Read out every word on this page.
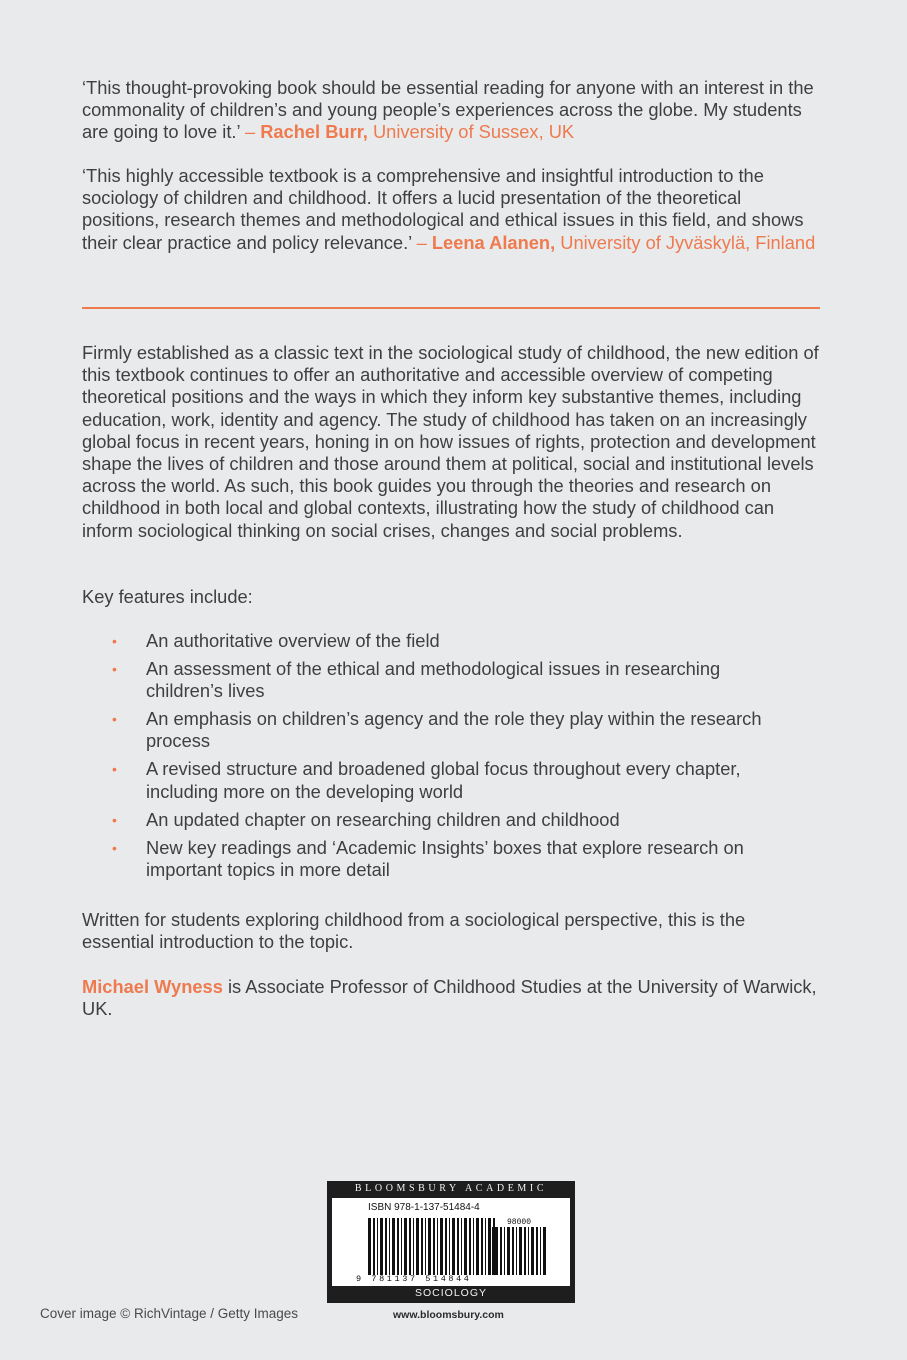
‘This thought-provoking book should be essential reading for anyone with an interest in the commonality of children’s and young people’s experiences across the globe. My students are going to love it.’ – Rachel Burr, University of Sussex, UK

‘This highly accessible textbook is a comprehensive and insightful introduction to the sociology of children and childhood. It offers a lucid presentation of the theoretical positions, research themes and methodological and ethical issues in this field, and shows their clear practice and policy relevance.’ – Leena Alanen, University of Jyväskylä, Finland

Firmly established as a classic text in the sociological study of childhood, the new edition of this textbook continues to offer an authoritative and accessible overview of competing theoretical positions and the ways in which they inform key substantive themes, including education, work, identity and agency. The study of childhood has taken on an increasingly global focus in recent years, honing in on how issues of rights, protection and development shape the lives of children and those around them at political, social and institutional levels across the world. As such, this book guides you through the theories and research on childhood in both local and global contexts, illustrating how the study of childhood can inform sociological thinking on social crises, changes and social problems.

Key features include:

• An authoritative overview of the field
• An assessment of the ethical and methodological issues in researching children’s lives
• An emphasis on children’s agency and the role they play within the research process
• A revised structure and broadened global focus throughout every chapter, including more on the developing world
• An updated chapter on researching children and childhood
• New key readings and ‘Academic Insights’ boxes that explore research on important topics in more detail

Written for students exploring childhood from a sociological perspective, this is the essential introduction to the topic.

Michael Wyness is Associate Professor of Childhood Studies at the University of Warwick, UK.

BLOOMSBURY ACADEMIC
ISBN 978-1-137-51484-4
98000
9 781137 514844
SOCIOLOGY
Cover image © RichVintage / Getty Images	www.bloomsbury.com
